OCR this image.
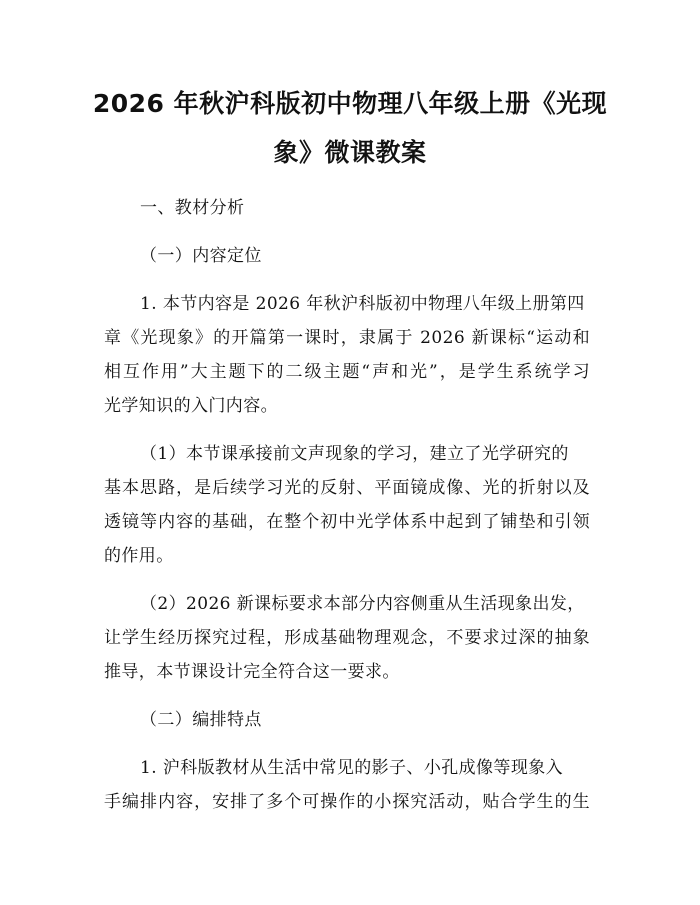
2026 年秋沪科版初中物理八年级上册《光现
象》微课教案
一、教材分析
（一）内容定位
1. 本节内容是 2026 年秋沪科版初中物理八年级上册第四
章《光现象》的开篇第一课时，隶属于 2026 新课标“运动和
相互作用”大主题下的二级主题“声和光”，是学生系统学习
光学知识的入门内容。
（1）本节课承接前文声现象的学习，建立了光学研究的
基本思路，是后续学习光的反射、平面镜成像、光的折射以及
透镜等内容的基础，在整个初中光学体系中起到了铺垫和引领
的作用。
（2）2026 新课标要求本部分内容侧重从生活现象出发，
让学生经历探究过程，形成基础物理观念，不要求过深的抽象
推导，本节课设计完全符合这一要求。
（二）编排特点
1. 沪科版教材从生活中常见的影子、小孔成像等现象入
手编排内容，安排了多个可操作的小探究活动，贴合学生的生
